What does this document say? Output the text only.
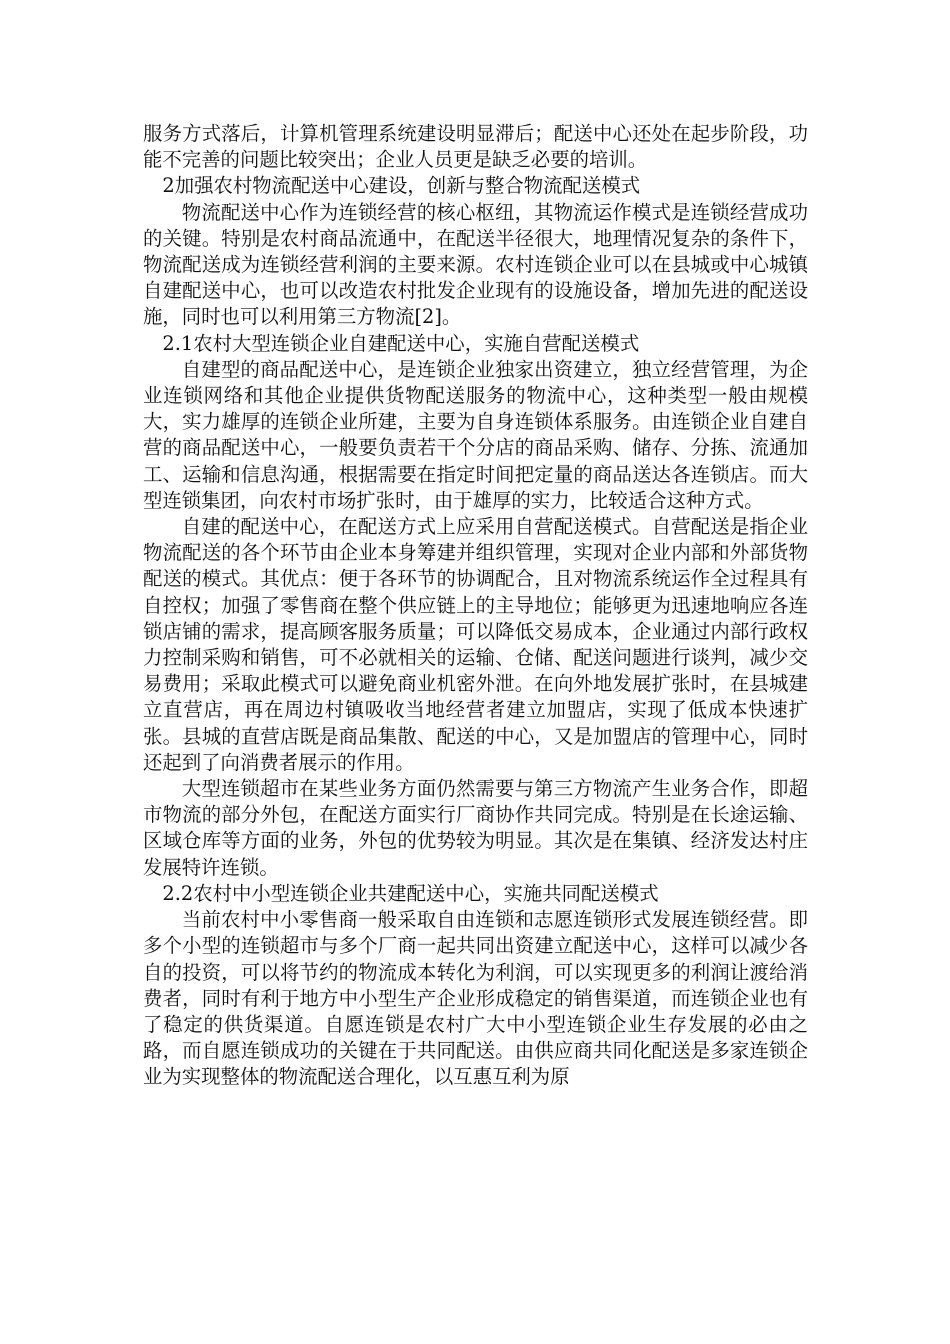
服务方式落后，计算机管理系统建设明显滞后；配送中心还处在起步阶段，功能不完善的问题比较突出；企业人员更是缺乏必要的培训。

2加强农村物流配送中心建设，创新与整合物流配送模式

物流配送中心作为连锁经营的核心枢纽，其物流运作模式是连锁经营成功的关键。特别是农村商品流通中，在配送半径很大，地理情况复杂的条件下，物流配送成为连锁经营利润的主要来源。农村连锁企业可以在县城或中心城镇自建配送中心，也可以改造农村批发企业现有的设施设备，增加先进的配送设施，同时也可以利用第三方物流[2]。

2.1农村大型连锁企业自建配送中心，实施自营配送模式

自建型的商品配送中心，是连锁企业独家出资建立，独立经营管理，为企业连锁网络和其他企业提供货物配送服务的物流中心，这种类型一般由规模大，实力雄厚的连锁企业所建，主要为自身连锁体系服务。由连锁企业自建自营的商品配送中心，一般要负责若干个分店的商品采购、储存、分拣、流通加工、运输和信息沟通，根据需要在指定时间把定量的商品送达各连锁店。而大型连锁集团，向农村市场扩张时，由于雄厚的实力，比较适合这种方式。

自建的配送中心，在配送方式上应采用自营配送模式。自营配送是指企业物流配送的各个环节由企业本身筹建并组织管理，实现对企业内部和外部货物配送的模式。其优点：便于各环节的协调配合，且对物流系统运作全过程具有自控权；加强了零售商在整个供应链上的主导地位；能够更为迅速地响应各连锁店铺的需求，提高顾客服务质量；可以降低交易成本，企业通过内部行政权力控制采购和销售，可不必就相关的运输、仓储、配送问题进行谈判，减少交易费用；采取此模式可以避免商业机密外泄。在向外地发展扩张时，在县城建立直营店，再在周边村镇吸收当地经营者建立加盟店，实现了低成本快速扩张。县城的直营店既是商品集散、配送的中心，又是加盟店的管理中心，同时还起到了向消费者展示的作用。

大型连锁超市在某些业务方面仍然需要与第三方物流产生业务合作，即超市物流的部分外包，在配送方面实行厂商协作共同完成。特别是在长途运输、区域仓库等方面的业务，外包的优势较为明显。其次是在集镇、经济发达村庄发展特许连锁。

2.2农村中小型连锁企业共建配送中心，实施共同配送模式

当前农村中小零售商一般采取自由连锁和志愿连锁形式发展连锁经营。即多个小型的连锁超市与多个厂商一起共同出资建立配送中心，这样可以减少各自的投资，可以将节约的物流成本转化为利润，可以实现更多的利润让渡给消费者，同时有利于地方中小型生产企业形成稳定的销售渠道，而连锁企业也有了稳定的供货渠道。自愿连锁是农村广大中小型连锁企业生存发展的必由之路，而自愿连锁成功的关键在于共同配送。由供应商共同化配送是多家连锁企业为实现整体的物流配送合理化，以互惠互利为原
